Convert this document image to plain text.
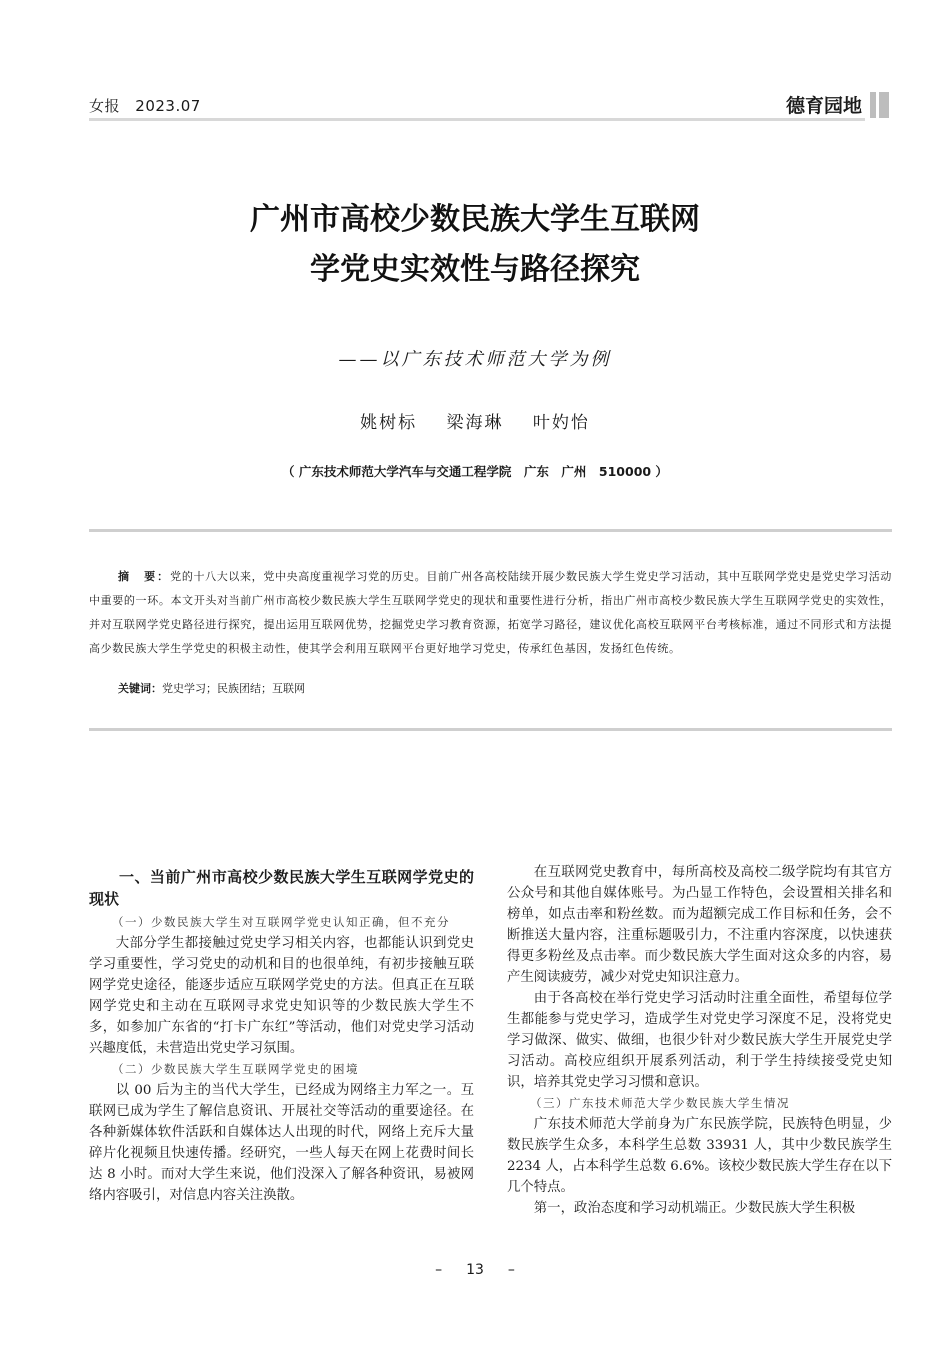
女报 2023.07	德育园地
广州市高校少数民族大学生互联网
学党史实效性与路径探究
——以广东技术师范大学为例
姚树标 梁海琳 叶妁怡
（ 广东技术师范大学汽车与交通工程学院　广东　广州　510000 ）
摘　要：党的十八大以来，党中央高度重视学习党的历史。目前广州各高校陆续开展少数民族大学生党史学习活动，其中互联网学党史是党史学习活动中重要的一环。本文开头对当前广州市高校少数民族大学生互联网学党史的现状和重要性进行分析，指出广州市高校少数民族大学生互联网学党史的实效性，并对互联网学党史路径进行探究，提出运用互联网优势，挖掘党史学习教育资源，拓宽学习路径，建议优化高校互联网平台考核标准，通过不同形式和方法提高少数民族大学生学党史的积极主动性，使其学会利用互联网平台更好地学习党史，传承红色基因，发扬红色传统。
关键词：党史学习；民族团结；互联网
一、当前广州市高校少数民族大学生互联网学党史的现状

（一）少数民族大学生对互联网学党史认知正确，但不充分

大部分学生都接触过党史学习相关内容，也都能认识到党史学习重要性，学习党史的动机和目的也很单纯，有初步接触互联网学党史途径，能逐步适应互联网学党史的方法。但真正在互联网学党史和主动在互联网寻求党史知识等的少数民族大学生不多，如参加广东省的“打卡广东红”等活动，他们对党史学习活动兴趣度低，未营造出党史学习氛围。

（二）少数民族大学生互联网学党史的困境

以 00 后为主的当代大学生，已经成为网络主力军之一。互联网已成为学生了解信息资讯、开展社交等活动的重要途径。在各种新媒体软件活跃和自媒体达人出现的时代，网络上充斥大量碎片化视频且快速传播。经研究，一些人每天在网上花费时间长达 8 小时。而对大学生来说，他们没深入了解各种资讯，易被网络内容吸引，对信息内容关注涣散。

在互联网党史教育中，每所高校及高校二级学院均有其官方公众号和其他自媒体账号。为凸显工作特色，会设置相关排名和榜单，如点击率和粉丝数。而为超额完成工作目标和任务，会不断推送大量内容，注重标题吸引力，不注重内容深度，以快速获得更多粉丝及点击率。而少数民族大学生面对这众多的内容，易产生阅读疲劳，减少对党史知识注意力。

由于各高校在举行党史学习活动时注重全面性，希望每位学生都能参与党史学习，造成学生对党史学习深度不足，没将党史学习做深、做实、做细，也很少针对少数民族大学生开展党史学习活动。高校应组织开展系列活动，利于学生持续接受党史知识，培养其党史学习习惯和意识。

（三）广东技术师范大学少数民族大学生情况

广东技术师范大学前身为广东民族学院，民族特色明显，少数民族学生众多，本科学生总数 33931 人，其中少数民族学生 2234 人，占本科学生总数 6.6%。该校少数民族大学生存在以下几个特点。

第一，政治态度和学习动机端正。少数民族大学生积极

– 13 –
